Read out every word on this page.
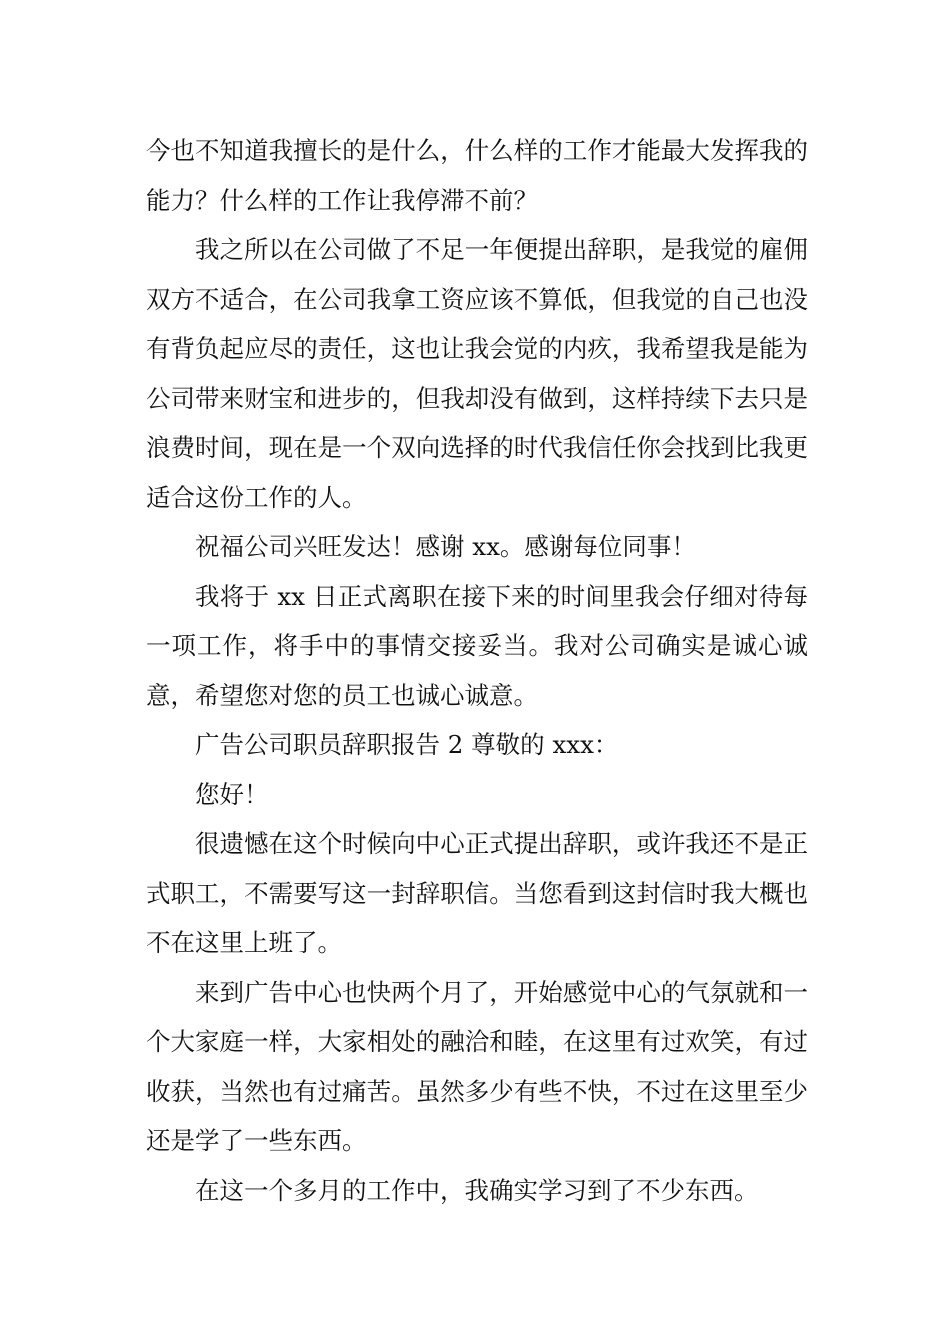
今也不知道我擅长的是什么，什么样的工作才能最大发挥我的能力？什么样的工作让我停滞不前？

我之所以在公司做了不足一年便提出辞职，是我觉的雇佣双方不适合，在公司我拿工资应该不算低，但我觉的自己也没有背负起应尽的责任，这也让我会觉的内疚，我希望我是能为公司带来财宝和进步的，但我却没有做到，这样持续下去只是浪费时间，现在是一个双向选择的时代我信任你会找到比我更适合这份工作的人。

祝福公司兴旺发达！感谢 xx。感谢每位同事！

我将于 xx 日正式离职在接下来的时间里我会仔细对待每一项工作，将手中的事情交接妥当。我对公司确实是诚心诚意，希望您对您的员工也诚心诚意。

广告公司职员辞职报告 2 尊敬的 xxx：

您好！

很遗憾在这个时候向中心正式提出辞职，或许我还不是正式职工，不需要写这一封辞职信。当您看到这封信时我大概也不在这里上班了。

来到广告中心也快两个月了，开始感觉中心的气氛就和一个大家庭一样，大家相处的融洽和睦，在这里有过欢笑，有过收获，当然也有过痛苦。虽然多少有些不快，不过在这里至少还是学了一些东西。

在这一个多月的工作中，我确实学习到了不少东西。
